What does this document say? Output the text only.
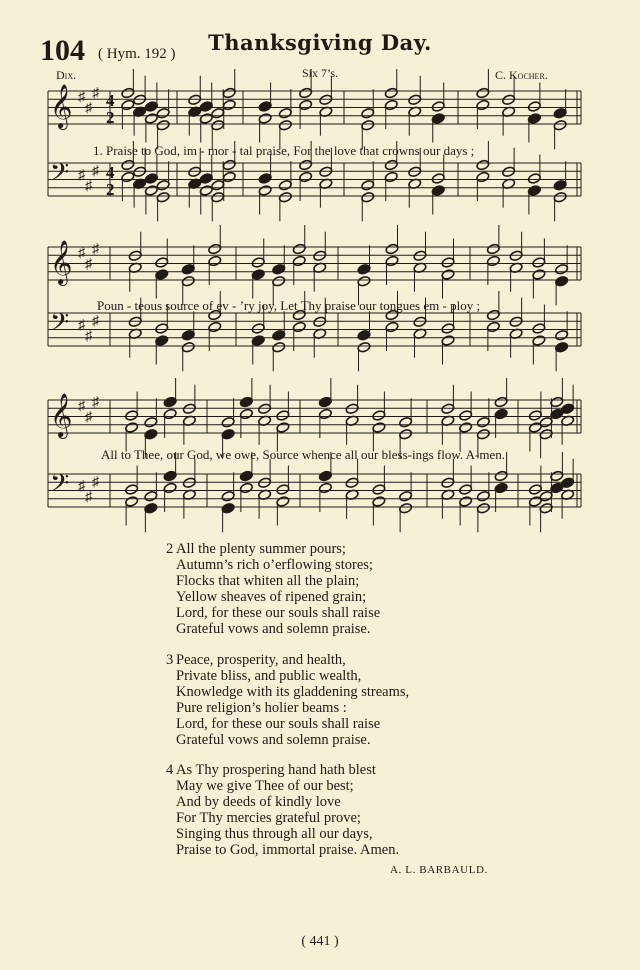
104 ( Hym. 192 )	Thanksgiving Day.
Dix.	Six 7’s.	C. Kocher.
𝄞 ♯
♯
♯ 4
2
𝄢 ♯
♯
♯ 4
2
𝄞 ♯
♯
♯
𝄢 ♯
♯
♯
𝄞 ♯
♯
♯
𝄢 ♯
♯
♯
1. Praise to God, im - mor - tal praise, For the love that crowns our days ;
Poun - teous source of ev - ’ry joy, Let Thy praise our tongues em - ploy ;
All to Thee, our God, we owe, Source whence all our bless-ings flow. A-men.
2 All the plenty summer pours;
Autumn’s rich o’erflowing stores;
Flocks that whiten all the plain;
Yellow sheaves of ripened grain;
Lord, for these our souls shall raise
Grateful vows and solemn praise.
3 Peace, prosperity, and health,
Private bliss, and public wealth,
Knowledge with its gladdening streams,
Pure religion’s holier beams :
Lord, for these our souls shall raise
Grateful vows and solemn praise.
4 As Thy prospering hand hath blest
May we give Thee of our best;
And by deeds of kindly love
For Thy mercies grateful prove;
Singing thus through all our days,
Praise to God, immortal praise. Amen.
A. L. BARBAULD.
( 441 )
